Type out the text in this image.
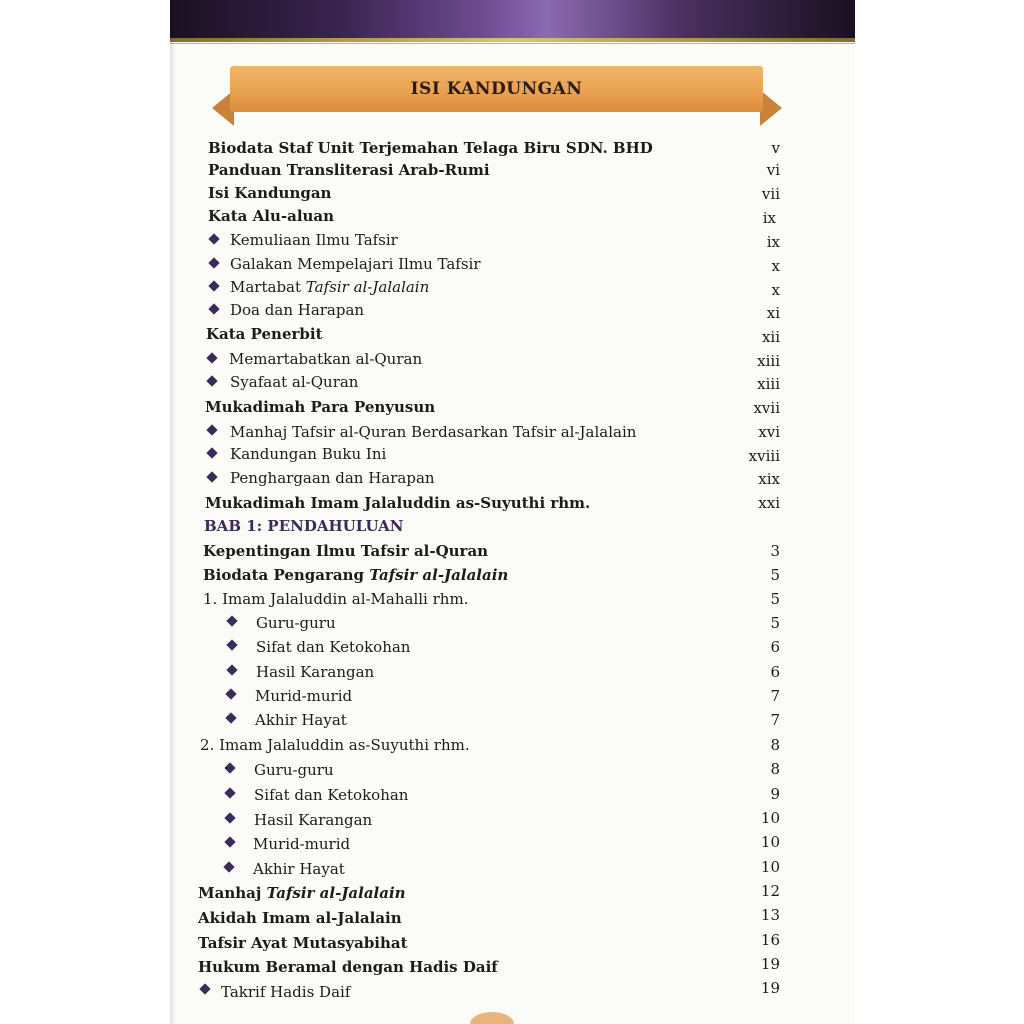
ISI KANDUNGAN
Biodata Staf Unit Terjemahan Telaga Biru SDN. BHD	v
Panduan Transliterasi Arab-Rumi	vi
Isi Kandungan	vii
Kata Alu-aluan	ix
Kemuliaan Ilmu Tafsir	ix
Galakan Mempelajari Ilmu Tafsir	x
Martabat Tafsir al-Jalalain	x
Doa dan Harapan	xi
Kata Penerbit	xii
Memartabatkan al-Quran	xiii
Syafaat al-Quran	xiii
Mukadimah Para Penyusun	xvii
Manhaj Tafsir al-Quran Berdasarkan Tafsir al-Jalalain	xvi
Kandungan Buku Ini	xviii
Penghargaan dan Harapan	xix
Mukadimah Imam Jalaluddin as-Suyuthi rhm.	xxi
BAB 1: PENDAHULUAN
Kepentingan Ilmu Tafsir al-Quran	3
Biodata Pengarang Tafsir al-Jalalain	5
1. Imam Jalaluddin al-Mahalli rhm.	5
Guru-guru	5
Sifat dan Ketokohan	6
Hasil Karangan	6
Murid-murid	7
Akhir Hayat	7
2. Imam Jalaluddin as-Suyuthi rhm.	8
Guru-guru	8
Sifat dan Ketokohan	9
Hasil Karangan	10
Murid-murid	10
Akhir Hayat	10
Manhaj Tafsir al-Jalalain	12
Akidah Imam al-Jalalain	13
Tafsir Ayat Mutasyabihat	16
Hukum Beramal dengan Hadis Daif	19
Takrif Hadis Daif	19
